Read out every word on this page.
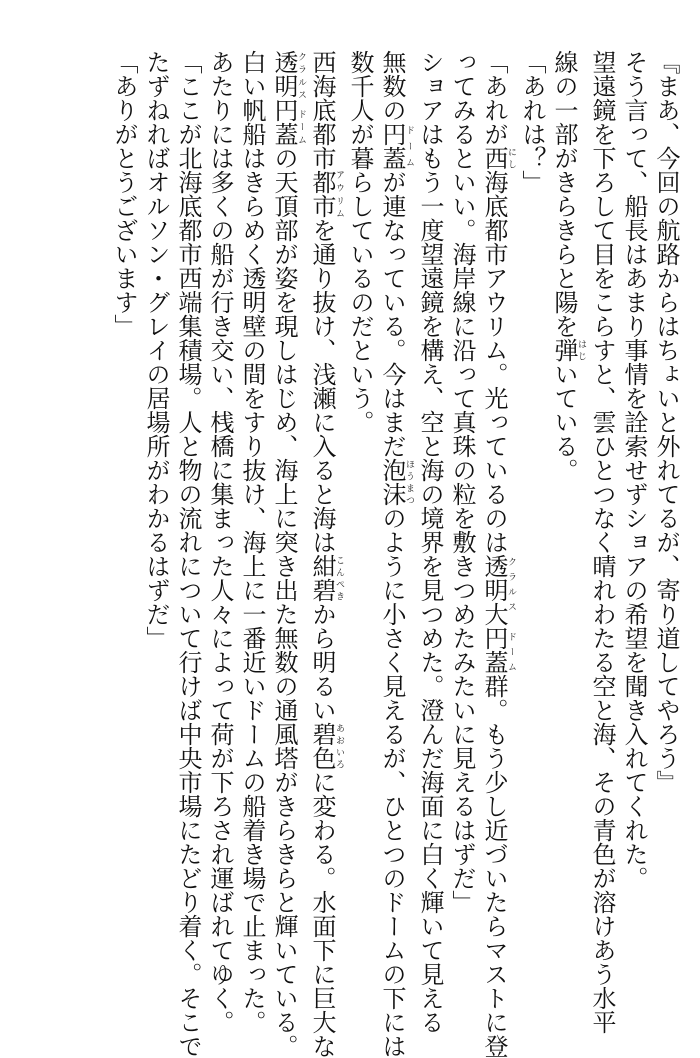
『まあ、今回の航路からはちょいと外れてるが、寄り道してやろう』

そう言って、船長はあまり事情を詮索せずショアの希望を聞き入れてくれた。

望遠鏡を下ろして目をこらすと、雲ひとつなく晴れわたる空と海、その青色が溶けあう水平

線の一部がきらきらと陽を弾はじいている。

「あれは？」

「あれが西にし海底都市アウリム。光っているのは透明大円蓋クラルス　ドーム群。もう少し近づいたらマストに登

ってみるといい。海岸線に沿って真珠の粒を敷きつめたみたいに見えるはずだ」

ショアはもう一度望遠鏡を構え、空と海の境界を見つめた。澄んだ海面に白く輝いて見える

無数の円蓋ドームが連なっている。今はまだ泡沫ほうまつのように小さく見えるが、ひとつのドームの下には

数千人が暮らしているのだという。

西海底都市都市ア ウ リ ムを通り抜け、浅瀬に入ると海は紺碧こんぺきから明るい碧色あおいろに変わる。水面下に巨大な

透明円蓋クラルス ドームの天頂部が姿を現しはじめ、海上に突き出た無数の通風塔がきらきらと輝いている。

白い帆船はきらめく透明壁の間をすり抜け、海上に一番近いドームの船着き場で止まった。

あたりには多くの船が行き交い、桟橋に集まった人々によって荷が下ろされ運ばれてゆく。

「ここが北海底都市西端集積場。人と物の流れについて行けば中央市場にたどり着く。そこで

たずねればオルソン・グレイの居場所がわかるはずだ」

「ありがとうございます」
